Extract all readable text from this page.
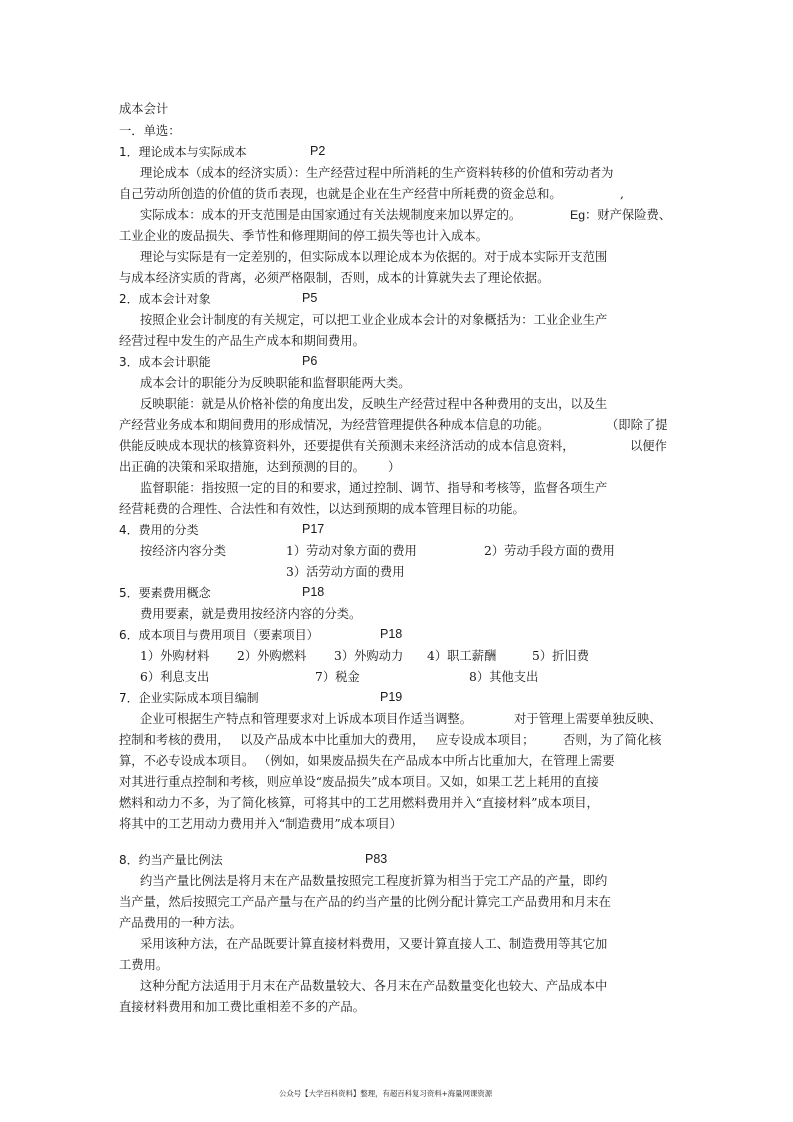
成本会计
一．单选：
1．理论成本与实际成本	P2
理论成本（成本的经济实质）：生产经营过程中所消耗的生产资料转移的价值和劳动者为
自己劳动所创造的价值的货币表现，也就是企业在生产经营中所耗费的资金总和。	,
实际成本：成本的开支范围是由国家通过有关法规制度来加以界定的。	Eg：财产保险费、
工业企业的废品损失、季节性和修理期间的停工损失等也计入成本。
理论与实际是有一定差别的，但实际成本以理论成本为依据的。对于成本实际开支范围
与成本经济实质的背离，必须严格限制，否则，成本的计算就失去了理论依据。
2．成本会计对象	P5
按照企业会计制度的有关规定，可以把工业企业成本会计的对象概括为：工业企业生产
经营过程中发生的产品生产成本和期间费用。
3．成本会计职能	P6
成本会计的职能分为反映职能和监督职能两大类。
反映职能：就是从价格补偿的角度出发，反映生产经营过程中各种费用的支出，以及生
产经营业务成本和期间费用的形成情况，为经营管理提供各种成本信息的功能。	（即除了提
供能反映成本现状的核算资料外， 还要提供有关预测未来经济活动的成本信息资料，	以便作
出正确的决策和采取措施，达到预测的目的。 ）
监督职能：指按照一定的目的和要求，通过控制、调节、指导和考核等，监督各项生产
经营耗费的合理性、合法性和有效性，以达到预期的成本管理目标的功能。
4．费用的分类	P17
按经济内容分类	1）劳动对象方面的费用	2）劳动手段方面的费用
3）活劳动方面的费用
5．要素费用概念	P18
费用要素，就是费用按经济内容的分类。
6．成本项目与费用项目（要素项目）	P18
1）外购材料 2）外购燃料 3）外购动力 4）职工薪酬	5）折旧费
6）利息支出	7）税金	8）其他支出
7．企业实际成本项目编制	P19
企业可根据生产特点和管理要求对上诉成本项目作适当调整。	对于管理上需要单独反映、
控制和考核的费用， 以及产品成本中比重加大的费用， 应专设成本项目； 否则，为了简化核
算，不必专设成本项目。 （例如，如果废品损失在产品成本中所占比重加大，在管理上需要
对其进行重点控制和考核，则应单设“废品损失”成本项目。又如，如果工艺上耗用的直接
燃料和动力不多，为了简化核算，可将其中的工艺用燃料费用并入“直接材料”成本项目，
将其中的工艺用动力费用并入“制造费用”成本项目）
8．约当产量比例法	P83
约当产量比例法是将月末在产品数量按照完工程度折算为相当于完工产品的产量，即约
当产量，然后按照完工产品产量与在产品的约当产量的比例分配计算完工产品费用和月末在
产品费用的一种方法。
采用该种方法，在产品既要计算直接材料费用，又要计算直接人工、制造费用等其它加
工费用。
这种分配方法适用于月末在产品数量较大、各月末在产品数量变化也较大、产品成本中
直接材料费用和加工费比重相差不多的产品。
公众号【大学百科资料】整理，有超百科复习资料+海量网课资源
